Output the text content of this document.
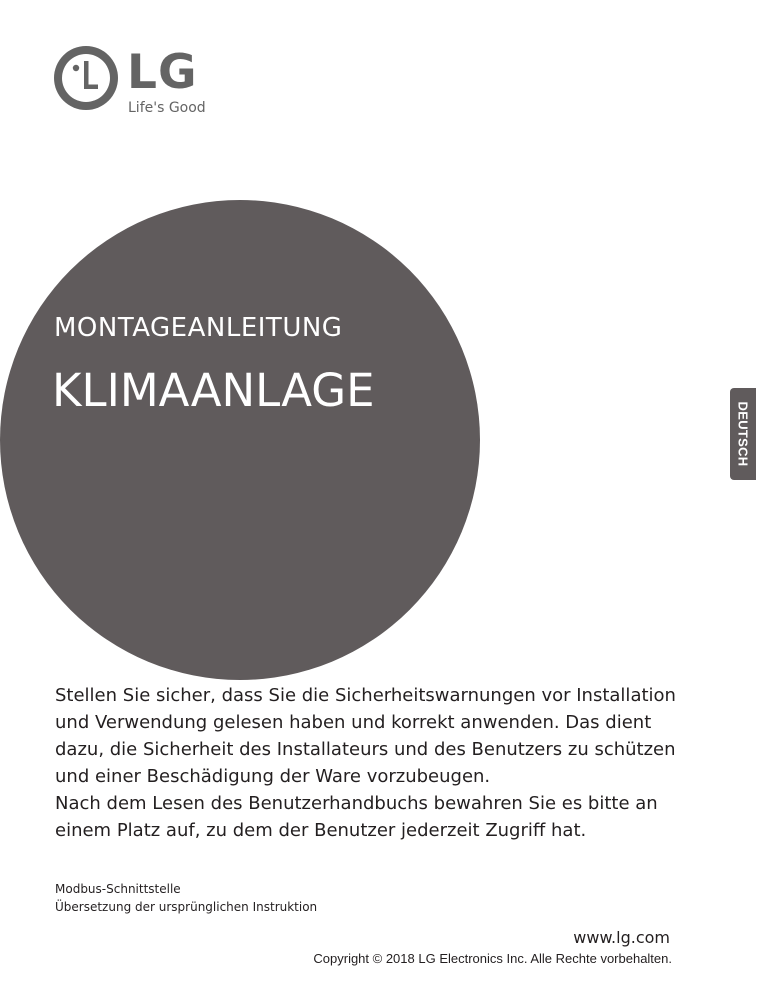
LG
Life's Good
MONTAGEANLEITUNG
KLIMAANLAGE
DEUTSCH

Stellen Sie sicher, dass Sie die Sicherheitswarnungen vor Installation und Verwendung gelesen haben und korrekt anwenden. Das dient dazu, die Sicherheit des Installateurs und des Benutzers zu schützen und einer Beschädigung der Ware vorzubeugen.

Nach dem Lesen des Benutzerhandbuchs bewahren Sie es bitte an einem Platz auf, zu dem der Benutzer jederzeit Zugriff hat.

Modbus-Schnittstelle
Übersetzung der ursprünglichen Instruktion
www.lg.com
Copyright © 2018 LG Electronics Inc. Alle Rechte vorbehalten.
